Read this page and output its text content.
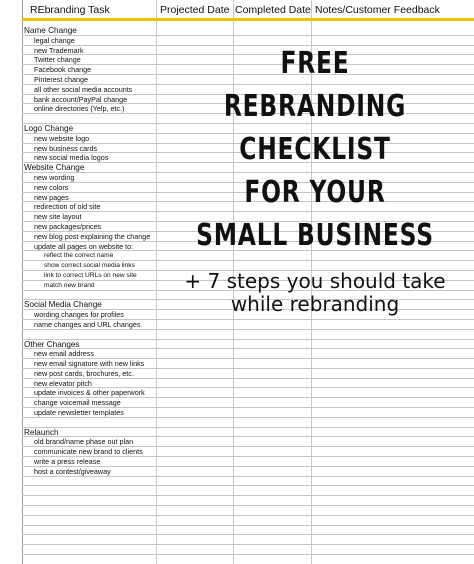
REbranding Task	Projected Date Completed Date Notes/Customer Feedback
Name Change
legal change
new Trademark
Twitter change
Facebook change
Pinterest change
all other social media accounts
bank account/PayPal change
online directories (Yelp, etc.)
Logo Change
new website logo
new business cards
new social media logos
Website Change
new wording
new colors
new pages
redirection of old site
new site layout
new packages/prices
new blog post explaining the change
update all pages on website to:
reflect the correct name
show correct social media links
link to correct URLs on new site
match new brand
Social Media Change
wording changes for profiles
name changes and URL changes
Other Changes
new email address
new email signature with new links
new post cards, brochures, etc.
new elevator pitch
update invoices & other paperwork
change voicemail message
update newsletter templates
Relaunch
old brand/name phase out plan
communicate new brand to clients
write a press release
host a contest/giveaway
FREE
REBRANDING
CHECKLIST
FOR YOUR
SMALL BUSINESS
+ 7 steps you should take
while rebranding
